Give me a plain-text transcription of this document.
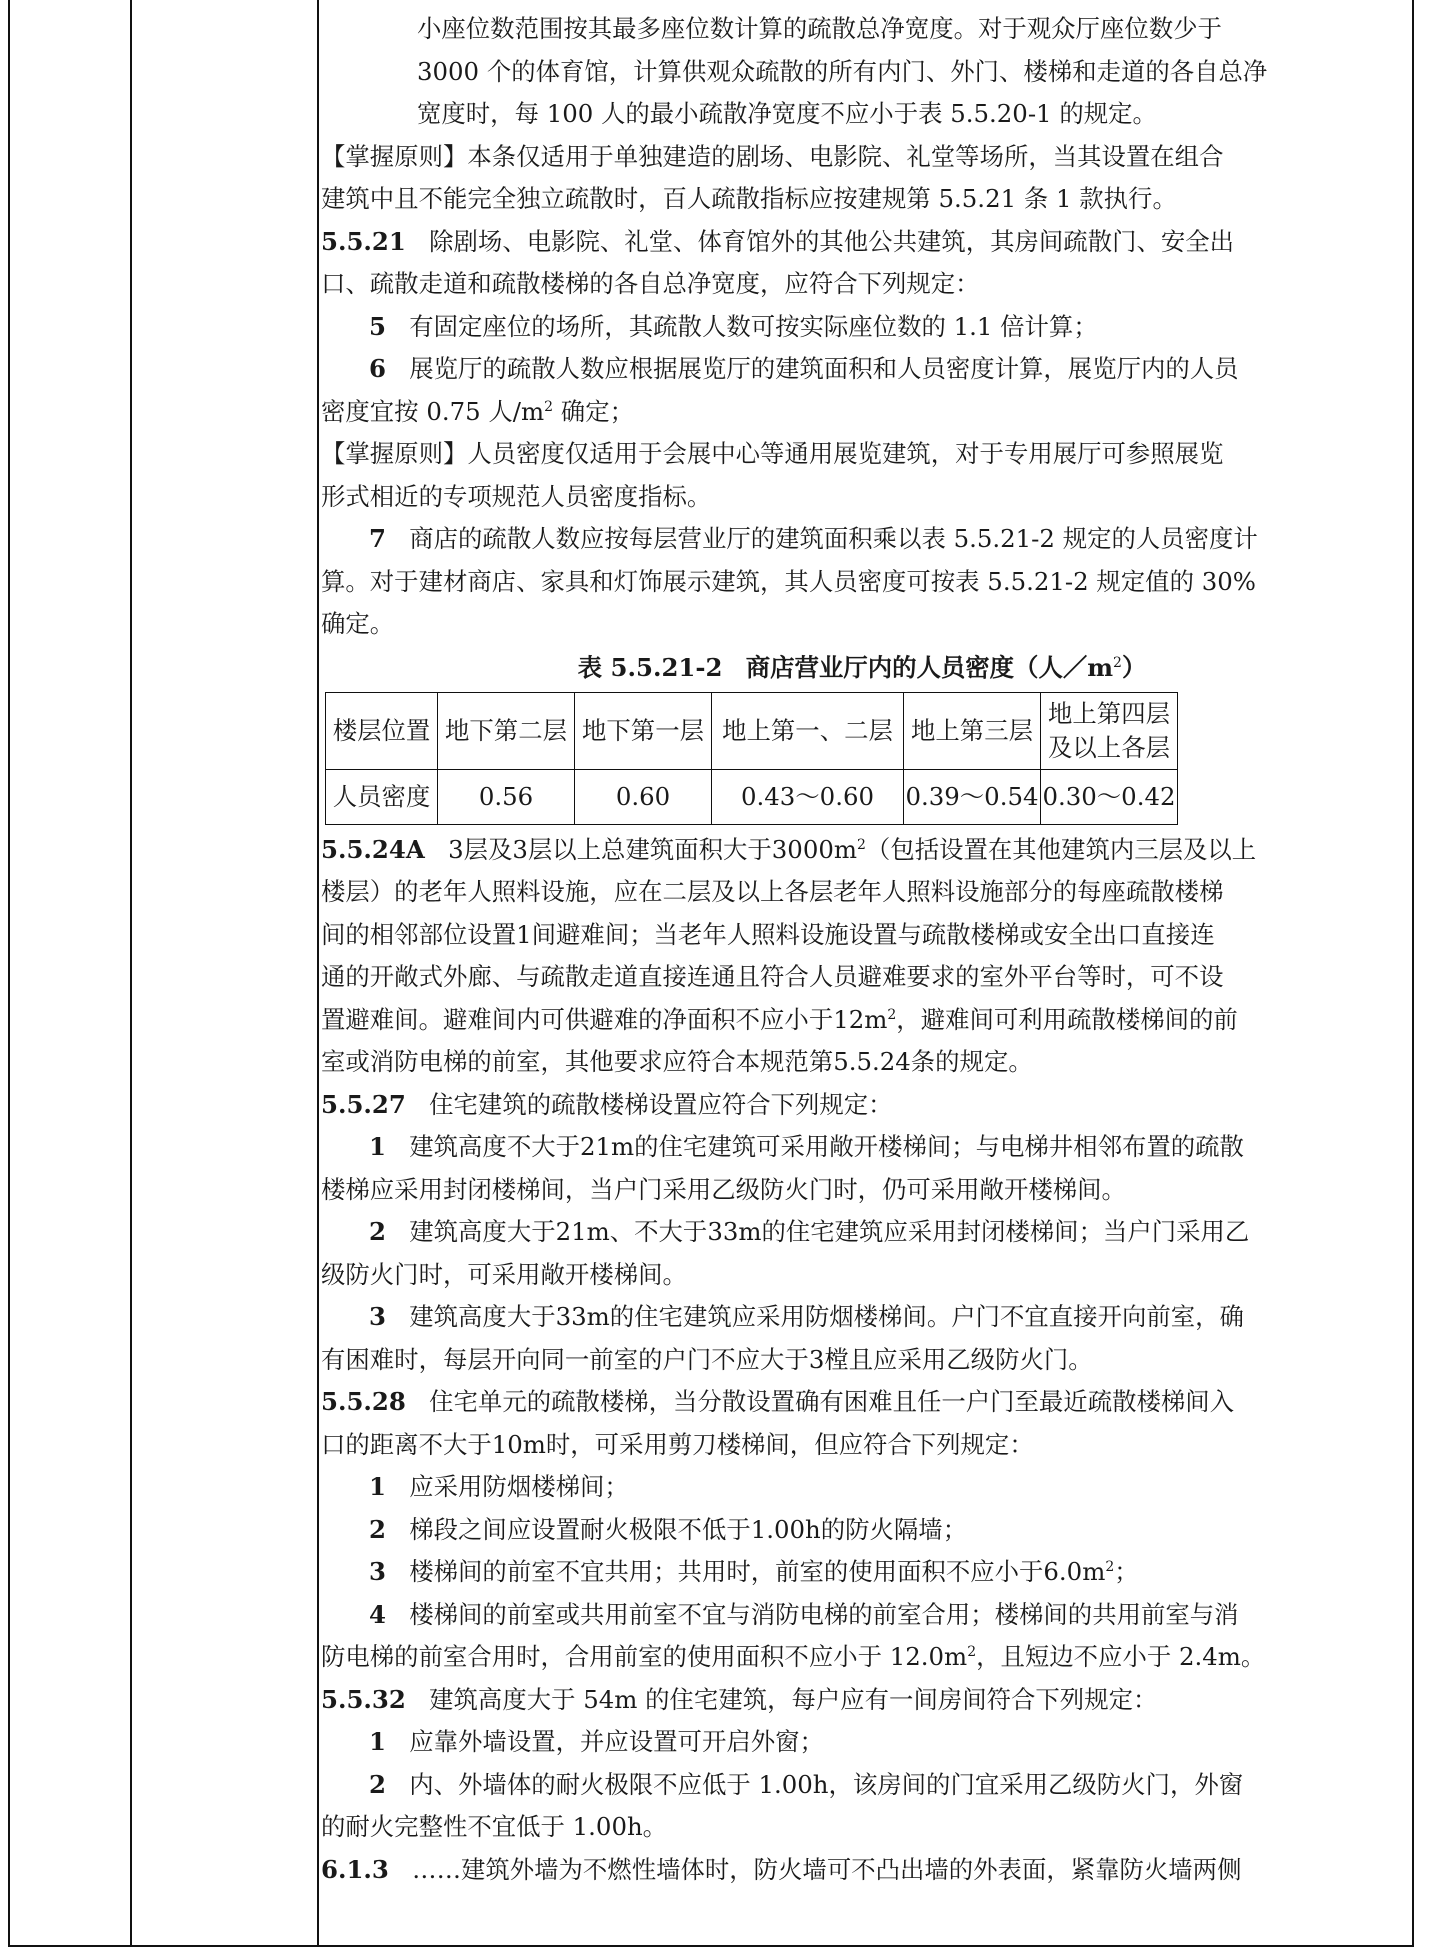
小座位数范围按其最多座位数计算的疏散总净宽度。对于观众厅座位数少于

3000 个的体育馆，计算供观众疏散的所有内门、外门、楼梯和走道的各自总净

宽度时，每 100 人的最小疏散净宽度不应小于表 5.5.20-1 的规定。

【掌握原则】本条仅适用于单独建造的剧场、电影院、礼堂等场所，当其设置在组合

建筑中且不能完全独立疏散时，百人疏散指标应按建规第 5.5.21 条 1 款执行。

5.5.21 除剧场、电影院、礼堂、体育馆外的其他公共建筑，其房间疏散门、安全出

口、疏散走道和疏散楼梯的各自总净宽度，应符合下列规定：

5 有固定座位的场所，其疏散人数可按实际座位数的 1.1 倍计算；

6 展览厅的疏散人数应根据展览厅的建筑面积和人员密度计算，展览厅内的人员

密度宜按 0.75 人$/m^2$ 确定；

【掌握原则】人员密度仅适用于会展中心等通用展览建筑，对于专用展厅可参照展览

形式相近的专项规范人员密度指标。

7 商店的疏散人数应按每层营业厅的建筑面积乘以表 5.5.21-2 规定的人员密度计

算。对于建材商店、家具和灯饰展示建筑，其人员密度可按表 5.5.21-2 规定值的 30%

确定。

表 5.5.21-2 商店营业厅内的人员密度（人$/m^2$）

楼层位置	地下第二层	地下第一层	地上第一、二层	地上第三层	地上第四层
及以上各层
人员密度	0.56	0.60	0.43～0.60	0.39～0.54	0.30～0.42

5.5.24A 3层及3层以上总建筑面积大于$3000m^2$（包括设置在其他建筑内三层及以上

楼层）的老年人照料设施，应在二层及以上各层老年人照料设施部分的每座疏散楼梯

间的相邻部位设置1间避难间；当老年人照料设施设置与疏散楼梯或安全出口直接连

通的开敞式外廊、与疏散走道直接连通且符合人员避难要求的室外平台等时，可不设

置避难间。避难间内可供避难的净面积不应小于$12m^2$，避难间可利用疏散楼梯间的前

室或消防电梯的前室，其他要求应符合本规范第5.5.24条的规定。

5.5.27 住宅建筑的疏散楼梯设置应符合下列规定：

1 建筑高度不大于21m的住宅建筑可采用敞开楼梯间；与电梯井相邻布置的疏散

楼梯应采用封闭楼梯间，当户门采用乙级防火门时，仍可采用敞开楼梯间。

2 建筑高度大于21m、不大于33m的住宅建筑应采用封闭楼梯间；当户门采用乙

级防火门时，可采用敞开楼梯间。

3 建筑高度大于33m的住宅建筑应采用防烟楼梯间。户门不宜直接开向前室，确

有困难时，每层开向同一前室的户门不应大于3樘且应采用乙级防火门。

5.5.28 住宅单元的疏散楼梯，当分散设置确有困难且任一户门至最近疏散楼梯间入

口的距离不大于10m时，可采用剪刀楼梯间，但应符合下列规定：

1 应采用防烟楼梯间；

2 梯段之间应设置耐火极限不低于1.00h的防火隔墙；

3 楼梯间的前室不宜共用；共用时，前室的使用面积不应小于$6.0m^2$；

4 楼梯间的前室或共用前室不宜与消防电梯的前室合用；楼梯间的共用前室与消

防电梯的前室合用时，合用前室的使用面积不应小于 $12.0m^2$，且短边不应小于 2.4m。

5.5.32 建筑高度大于 54m 的住宅建筑，每户应有一间房间符合下列规定：

1 应靠外墙设置，并应设置可开启外窗；

2 内、外墙体的耐火极限不应低于 1.00h，该房间的门宜采用乙级防火门，外窗

的耐火完整性不宜低于 1.00h。

6.1.3 ……建筑外墙为不燃性墙体时，防火墙可不凸出墙的外表面，紧靠防火墙两侧
